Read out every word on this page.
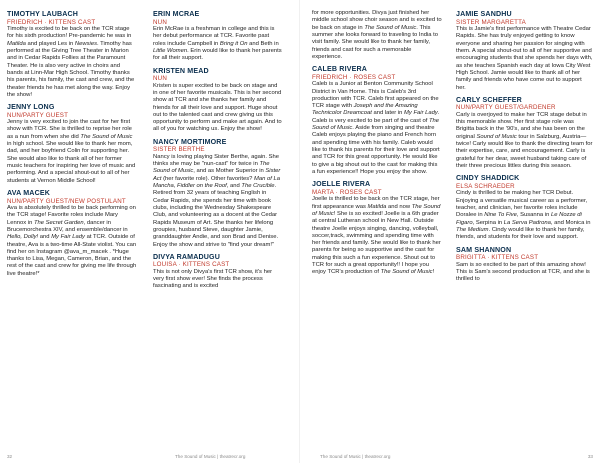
TIMOTHY LAUBACH
FRIEDRICH · KITTENS CAST
Timothy is excited to be back on the TCR stage for his sixth production! Pre-pandemic he was in Matilda and played Les in Newsies. Timothy has performed at the Giving Tree Theater in Marion and in Cedar Rapids Follies at the Paramount Theater. He is also very active in choirs and bands at Linn-Mar High School. Timothy thanks his parents, his family, the cast and crew, and the theater friends he has met along the way. Enjoy the show!
JENNY LONG
NUN/PARTY GUEST
Jenny is very excited to join the cast for her first show with TCR. She is thrilled to reprise her role as a nun from when she did The Sound of Music in high school. She would like to thank her mom, dad, and her boyfriend Colin for supporting her. She would also like to thank all of her former music teachers for inspiring her love of music and performing. And a special shout-out to all of her students at Vernon Middle School!
AVA MACEK
NUN/PARTY GUEST/NEW POSTULANT
Ava is absolutely thrilled to be back performing on the TCR stage! Favorite roles include Mary Lennox in The Secret Garden, dancer in Brucemorchestra XIV, and ensemble/dancer in Hello, Dolly! and My Fair Lady at TCR. Outside of theatre, Ava is a two-time All-State violist. You can find her on Instagram @ava_m_macek . *Huge thanks to Lisa, Megan, Cameron, Brian, and the rest of the cast and crew for giving me life through live theatre!*
ERIN MCRAE
NUN
Erin McRae is a freshman in college and this is her debut performance at TCR. Favorite past roles include Campbell in Bring it On and Beth in Little Women. Erin would like to thank her parents for all their support.
KRISTEN MEAD
NUN
Kristen is super excited to be back on stage and in one of her favorite musicals. This is her second show at TCR and she thanks her family and friends for all their love and support. Huge shout out to the talented cast and crew giving us this opportunity to perform and make art again. And to all of you for watching us. Enjoy the show!
NANCY MORTIMORE
SISTER BERTHE
Nancy is loving playing Sister Berthe, again. She thinks she may be "nun-cast" for twice in The Sound of Music, and as Mother Superior in Sister Act (her favorite role). Other favorites? Man of La Mancha, Fiddler on the Roof, and The Crucible. Retired from 32 years of teaching English in Cedar Rapids, she spends her time with book clubs, including the Wednesday Shakespeare Club, and volunteering as a docent at the Cedar Rapids Museum of Art. She thanks her lifelong groupies, husband Steve, daughter Jamie, granddaughter Andie, and son Brad and Denise. Enjoy the show and strive to "find your dream!"
DIVYA RAMADUGU
LOUISA · KITTENS CAST
This is not only Divya's first TCR show, it's her very first show ever! She finds the process fascinating and is excited
for more opportunities. Divya just finished her middle school show choir season and is excited to be back on stage in The Sound of Music. This summer she looks forward to traveling to India to visit family. She would like to thank her family, friends and cast for such a memorable experience.
CALEB RIVERA
FRIEDRICH · ROSES CAST
Caleb is a Junior at Benton Community School District in Van Horne. This is Caleb's 3rd production with TCR. Caleb first appeared on the TCR stage with Joseph and the Amazing Technicolor Dreamcoat and later in My Fair Lady. Caleb is very excited to be part of the cast of The Sound of Music. Aside from singing and theatre Caleb enjoys playing the piano and French horn and spending time with his family. Caleb would like to thank his parents for their love and support and TCR for this great opportunity. He would like to give a big shout out to the cast for making this a fun experience!! Hope you enjoy the show.
JOELLE RIVERA
MARTA · ROSES CAST
Joelle is thrilled to be back on the TCR stage, her first appearance was Matilda and now The Sound of Music! She is so excited! Joelle is a 6th grader at central Lutheran school in New Hall. Outside theatre Joelle enjoys singing, dancing, volleyball, soccer,track, swimming and spending time with her friends and family. She would like to thank her parents for being so supportive and the cast for making this such a fun experience. Shout out to TCR for such a great opportunity!! I hope you enjoy TCR's production of The Sound of Music!
JAMIE SANDHU
SISTER MARGARETTA
This is Jamie's first performance with Theatre Cedar Rapids. She has truly enjoyed getting to know everyone and sharing her passion for singing with them. A special shout-out to all of her supportive and encouraging students that she spends her days with, as she teaches Spanish each day at Iowa City West High School. Jamie would like to thank all of her family and friends who have come out to support her.
CARLY SCHEFFER
NUN/PARTY GUEST/GARDENER
Carly is overjoyed to make her TCR stage debut in this memorable show. Her first stage role was Brigitta back in the '90's, and she has been on the original Sound of Music tour in Salzburg, Austria—twice! Carly would like to thank the directing team for their expertise, care, and encouragement. Carly is grateful for her dear, sweet husband taking care of their three precious littles during this season.
CINDY SHADDICK
ELSA SCHRAEDER
Cindy is thrilled to be making her TCR Debut. Enjoying a versatile musical career as a performer, teacher, and clinician, her favorite roles include Doralee in Nine To Five, Susanna in Le Nozze di Figaro, Serpina in La Serva Padrona, and Monica in The Medium. Cindy would like to thank her family, friends, and students for their love and support.
SAM SHANNON
BRIGITTA · KITTENS CAST
Sam is so excited to be part of this amazing show! This is Sam's second production at TCR, and she is thrilled to
32	The Sound of Music | theatrecr.org	The Sound of Music | theatrecr.org	33
